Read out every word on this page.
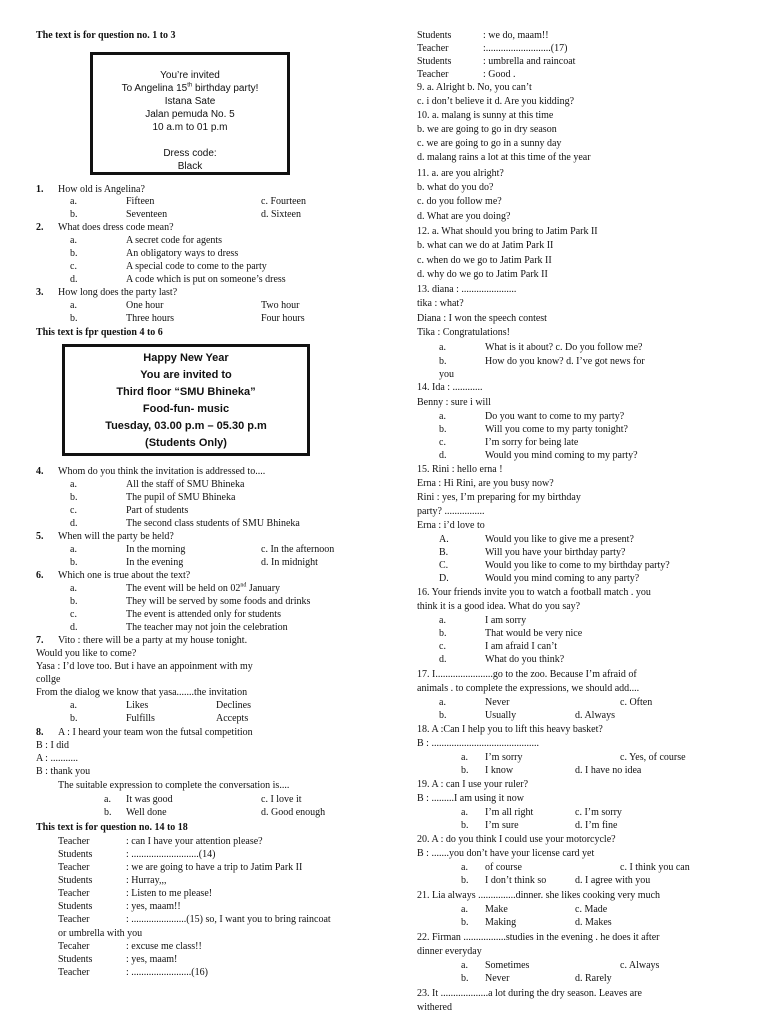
The text is for question no. 1 to 3
You’re invited
To Angelina 15th birthday party!
Istana Sate
Jalan pemuda No. 5
10 a.m to 01 p.m

Dress code:
Black
1. How old is Angelina?
a.	Fifteen	c. Fourteen
b.	Seventeen	d. Sixteen
2. What does dress code mean?
a.	A secret code for agents
b.	An obligatory ways to dress
c.	A special code to come to the party
d.	A code which is put on someone’s dress
3. How long does the party last?
a.	One hour	Two hour
b.	Three hours	Four hours
This text is fpr question 4 to 6
Happy New Year
You are invited to
Third floor “SMU Bhineka”
Food-fun- music
Tuesday, 03.00 p.m – 05.30 p.m
(Students Only)
4. Whom do you think the invitation is addressed to....
a.	All the staff of SMU Bhineka
b.	The pupil of SMU Bhineka
c.	Part of students
d.	The second class students of SMU Bhineka
5. When will the party be held?
a.	In the morning	c. In the afternoon
b.	In the evening	d. In midnight
6. Which one is true about the text?
a.	The event will be held on 02nd January
b.	They will be served by some foods and drinks
c.	The event is attended only for students
d.	The teacher may not join the celebration
7. Vito : there will be a party at my house tonight.
Would you like to come?
Yasa : I’d love too. But i have an appoinment with my
collge
From the dialog we know that yasa.......the invitation
a.	Likes	Declines
b.	Fulfills	Accepts
8. A : I heard your team won the futsal competition
B : I did
A : ...........
B : thank you
The suitable expression to complete the conversation is....
a. It was good	c. I love it
b. Well done	d. Good enough
This text is for question no. 14 to 18
Teacher	: can I have your attention please?
Students	: ...........................(14)
Teacher	: we are going to have a trip to Jatim Park II
Students	: Hurray,,,
Teacher	: Listen to me please!
Students	: yes, maam!!
Teacher	: ......................(15) so, I want you to bring raincoat
or umbrella with you
Tecaher	: excuse me class!!
Students	: yes, maam!
Teacher	: ........................(16)
Students	: we do, maam!!
Teacher	:..........................(17)
Students	: umbrella and raincoat
Teacher	: Good .
9. a. Alright b. No, you can’t
c. i don’t believe it d. Are you kidding?
10. a. malang is sunny at this time
b. we are going to go in dry season
c. we are going to go in a sunny day
d. malang rains a lot at this time of the year
11. a. are you alright?
b. what do you do?
c. do you follow me?
d. What are you doing?
12. a. What should you bring to Jatim Park II
b. what can we do at Jatim Park II
c. when do we go to Jatim Park II
d. why do we go to Jatim Park II
13. diana : ......................
tika : what?
Diana : I won the speech contest
Tika : Congratulations!
a.	What is it about? c. Do you follow me?
b.	How do you know? d. I’ve got news for
you
14. Ida : ............
Benny : sure i will
a.	Do you want to come to my party?
b.	Will you come to my party tonight?
c.	I’m sorry for being late
d.	Would you mind coming to my party?
15. Rini : hello erna !
Erna : Hi Rini, are you busy now?
Rini : yes, I’m preparing for my birthday
party? ................
Erna : i’d love to
A.	Would you like to give me a present?
B.	Will you have your birthday party?
C.	Would you like to come to my birthday party?
D.	Would you mind coming to any party?
16. Your friends invite you to watch a football match . you
think it is a good idea. What do you say?
a.	I am sorry
b.	That would be very nice
c.	I am afraid I can’t
d.	What do you think?
17. I.......................go to the zoo. Because I’m afraid of
animals . to complete the expressions, we should add....
a.	Never	c. Often
b.	Usually	d. Always
18. A :Can I help you to lift this heavy basket?
B : ...........................................
a. I’m sorry	c. Yes, of course
b. I know	d. I have no idea
19. A : can I use your ruler?
B : .........I am using it now
a. I’m all right	c. I’m sorry
b. I’m sure	d. I’m fine
20. A : do you think I could use your motorcycle?
B : .......you don’t have your license card yet
a. of course	c. I think you can
b. I don’t think so	d. I agree with you
21. Lia always ...............dinner. she likes cooking very much
a. Make	c. Made
b. Making	d. Makes
22. Firman .................studies in the evening . he does it after
dinner everyday
a. Sometimes	c. Always
b. Never	d. Rarely
23. It ...................a lot during the dry season. Leaves are
withered
